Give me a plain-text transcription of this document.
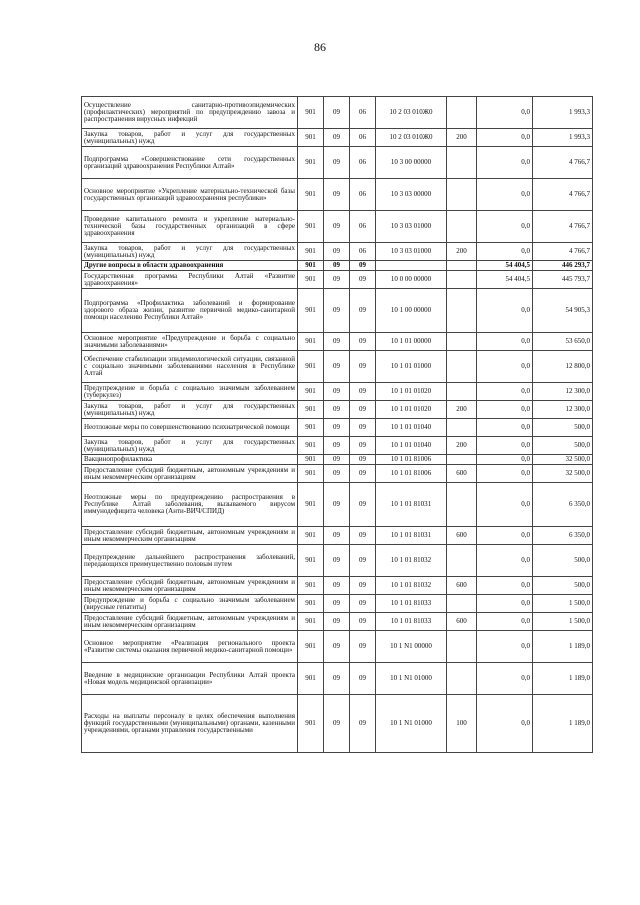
86
Осуществление санитарно-противоэпидемических (профилактических) мероприятий по предупреждению завоза и распространения вирусных инфекций	901	09	06	10 2 03 010Ж0		0,0	1 993,3
Закупка товаров, работ и услуг для государственных (муниципальных) нужд	901	09	06	10 2 03 010Ж0	200	0,0	1 993,3
Подпрограмма «Совершенствование сети государственных организаций здравоохранения Республики Алтай»	901	09	06	10 3 00 00000		0,0	4 766,7
Основное мероприятие «Укрепление материально-технической базы государственных организаций здравоохранения республики»	901	09	06	10 3 03 00000		0,0	4 766,7
Проведение капитального ремонта и укрепление материально-технической базы государственных организаций в сфере здравоохранения	901	09	06	10 3 03 01000		0,0	4 766,7
Закупка товаров, работ и услуг для государственных (муниципальных) нужд	901	09	06	10 3 03 01000	200	0,0	4 766,7
Другие вопросы в области здравоохранения	901	09	09			54 404,5	446 293,7
Государственная программа Республики Алтай «Развитие здравоохранения»	901	09	09	10 0 00 00000		54 404,5	445 793,7
Подпрограмма «Профилактика заболеваний и формирование здорового образа жизни, развитие первичной медико-санитарной помощи населению Республики Алтай»	901	09	09	10 1 00 00000		0,0	54 905,3
Основное мероприятие «Предупреждение и борьба с социально значимыми заболеваниями»	901	09	09	10 1 01 00000		0,0	53 650,0
Обеспечение стабилизации эпидемиологической ситуации, связанной с социально значимыми заболеваниями населения в Республике Алтай	901	09	09	10 1 01 01000		0,0	12 800,0
Предупреждение и борьба с социально значимым заболеванием (туберкулез)	901	09	09	10 1 01 01020		0,0	12 300,0
Закупка товаров, работ и услуг для государственных (муниципальных) нужд	901	09	09	10 1 01 01020	200	0,0	12 300,0
Неотложные меры по совершенствованию психиатрической помощи	901	09	09	10 1 01 01040		0,0	500,0
Закупка товаров, работ и услуг для государственных (муниципальных) нужд	901	09	09	10 1 01 01040	200	0,0	500,0
Вакцинопрофилактика	901	09	09	10 1 01 81006		0,0	32 500,0
Предоставление субсидий бюджетным, автономным учреждениям и иным некоммерческим организациям	901	09	09	10 1 01 81006	600	0,0	32 500,0
Неотложные меры по предупреждению распространения в Республике Алтай заболевания, вызываемого вирусом иммунодефицита человека (Анти-ВИЧ/СПИД)	901	09	09	10 1 01 81031		0,0	6 350,0
Предоставление субсидий бюджетным, автономным учреждениям и иным некоммерческим организациям	901	09	09	10 1 01 81031	600	0,0	6 350,0
Предупреждение дальнейшего распространения заболеваний, передающихся преимущественно половым путем	901	09	09	10 1 01 81032		0,0	500,0
Предоставление субсидий бюджетным, автономным учреждениям и иным некоммерческим организациям	901	09	09	10 1 01 81032	600	0,0	500,0
Предупреждение и борьба с социально значимым заболеванием (вирусные гепатиты)	901	09	09	10 1 01 81033		0,0	1 500,0
Предоставление субсидий бюджетным, автономным учреждениям и иным некоммерческим организациям	901	09	09	10 1 01 81033	600	0,0	1 500,0
Основное мероприятие «Реализация регионального проекта «Развитие системы оказания первичной медико-санитарной помощи»	901	09	09	10 1 N1 00000		0,0	1 189,0
Введение в медицинские организации Республики Алтай проекта «Новая модель медицинской организации»	901	09	09	10 1 N1 01000		0,0	1 189,0
Расходы на выплаты персоналу в целях обеспечения выполнения функций государственными (муниципальными) органами, казенными учреждениями, органами управления государственными	901	09	09	10 1 N1 01000	100	0,0	1 189,0
